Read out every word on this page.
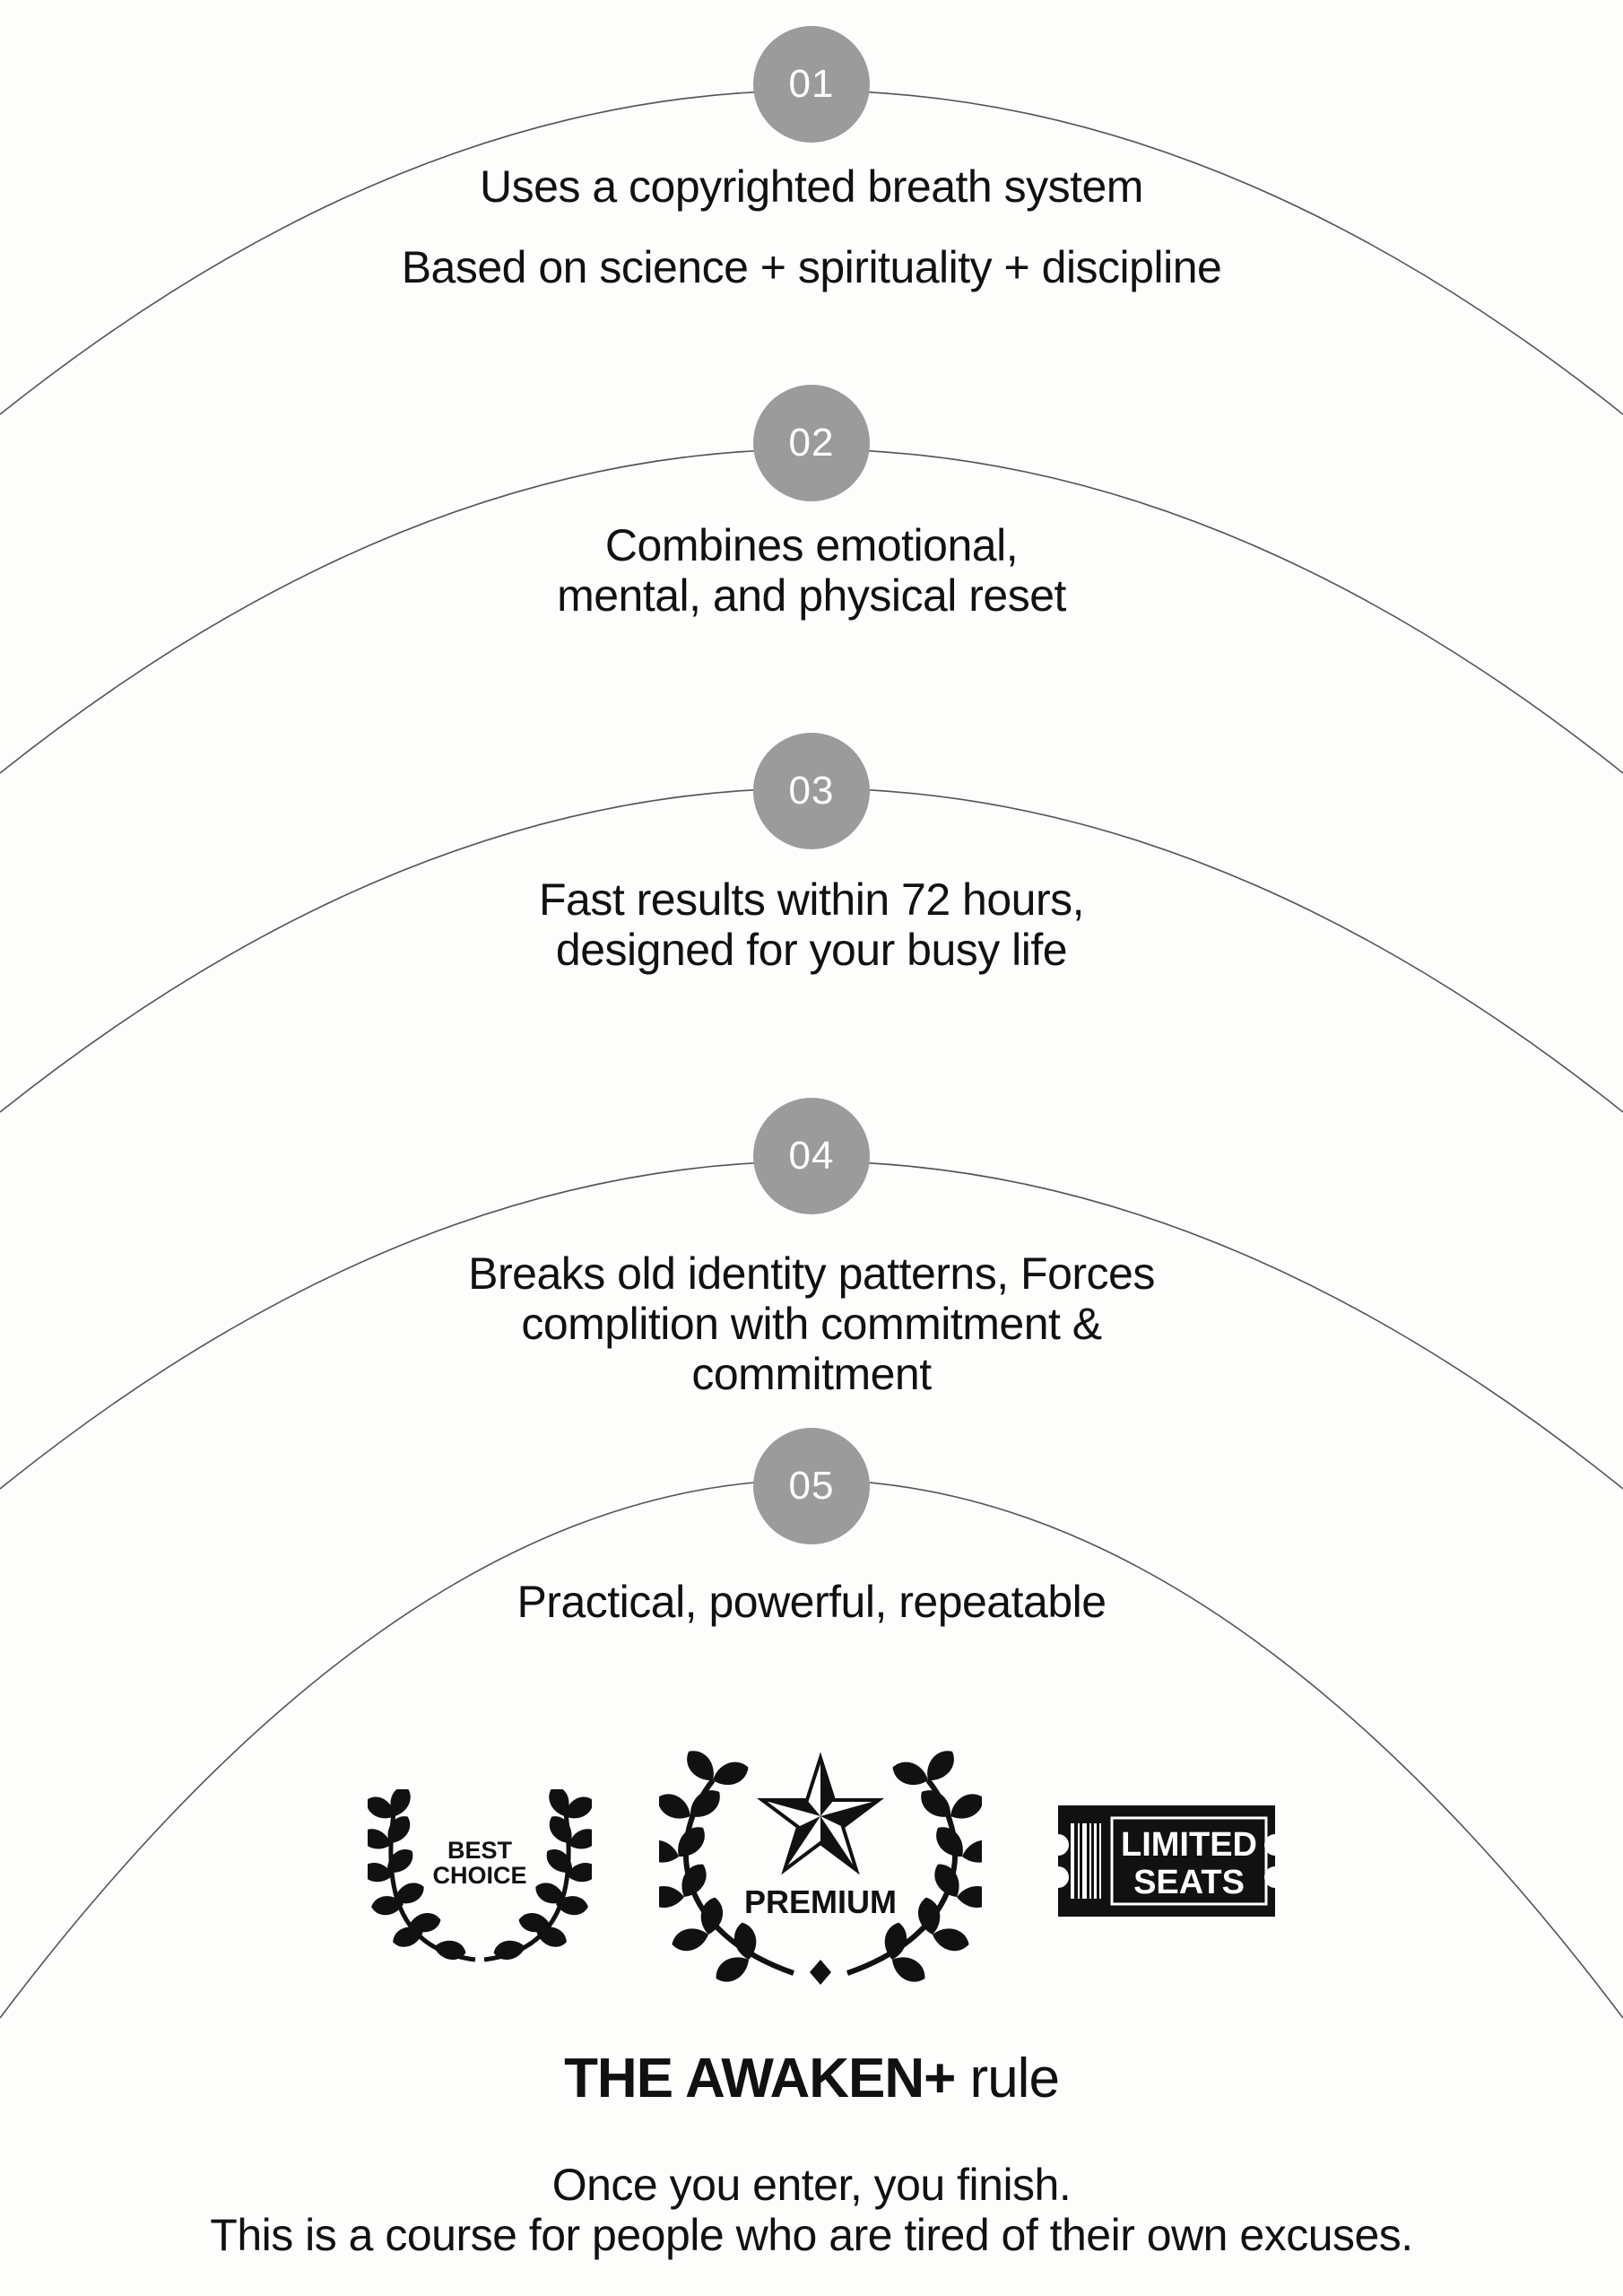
01
Uses a copyrighted breath system
Based on science + spirituality + discipline
02
Combines emotional,
mental, and physical reset
03
Fast results within 72 hours,
designed for your busy life
04
Breaks old identity patterns, Forces
complition with commitment &
commitment
05
Practical, powerful, repeatable
BEST
CHOICE
PREMIUM
LIMITED
SEATS
THE AWAKEN+ rule
Once you enter, you finish.
This is a course for people who are tired of their own excuses.
